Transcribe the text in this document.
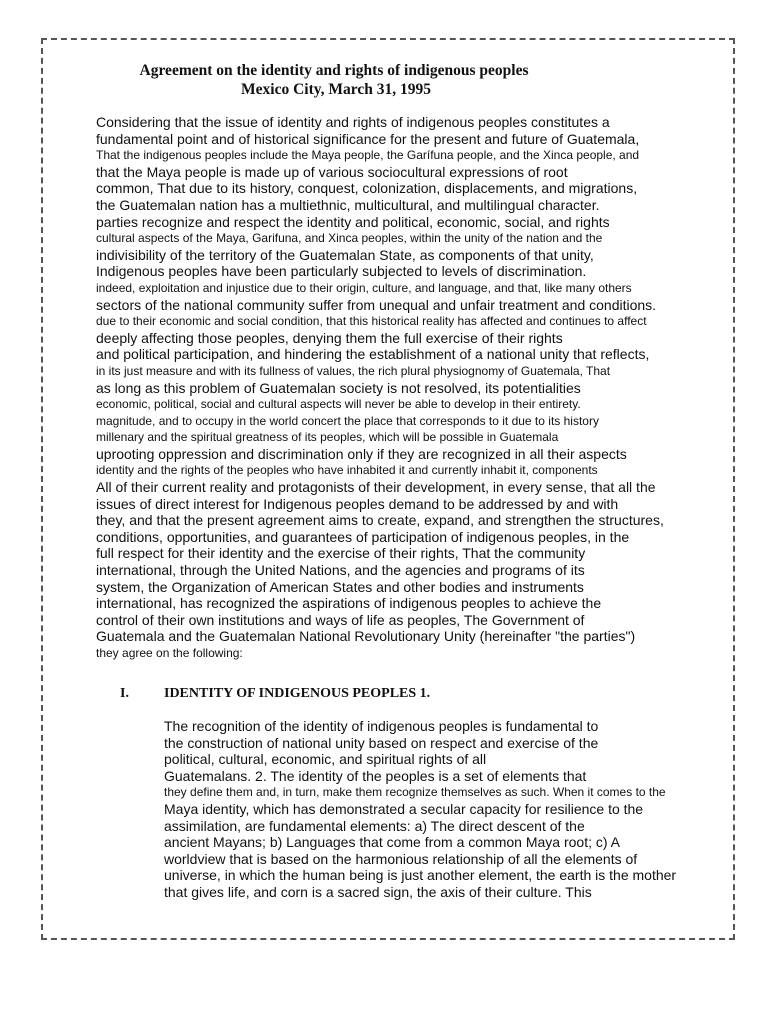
Agreement on the identity and rights of indigenous peoples
Mexico City, March 31, 1995
Considering that the issue of identity and rights of indigenous peoples constitutes a
fundamental point and of historical significance for the present and future of Guatemala,
That the indigenous peoples include the Maya people, the Garífuna people, and the Xinca people, and
that the Maya people is made up of various sociocultural expressions of root
common, That due to its history, conquest, colonization, displacements, and migrations,
the Guatemalan nation has a multiethnic, multicultural, and multilingual character.
parties recognize and respect the identity and political, economic, social, and rights
cultural aspects of the Maya, Garifuna, and Xinca peoples, within the unity of the nation and the
indivisibility of the territory of the Guatemalan State, as components of that unity,
Indigenous peoples have been particularly subjected to levels of discrimination.
indeed, exploitation and injustice due to their origin, culture, and language, and that, like many others
sectors of the national community suffer from unequal and unfair treatment and conditions.
due to their economic and social condition, that this historical reality has affected and continues to affect
deeply affecting those peoples, denying them the full exercise of their rights
and political participation, and hindering the establishment of a national unity that reflects,
in its just measure and with its fullness of values, the rich plural physiognomy of Guatemala, That
as long as this problem of Guatemalan society is not resolved, its potentialities
economic, political, social and cultural aspects will never be able to develop in their entirety.
magnitude, and to occupy in the world concert the place that corresponds to it due to its history
millenary and the spiritual greatness of its peoples, which will be possible in Guatemala
uprooting oppression and discrimination only if they are recognized in all their aspects
identity and the rights of the peoples who have inhabited it and currently inhabit it, components
All of their current reality and protagonists of their development, in every sense, that all the
issues of direct interest for Indigenous peoples demand to be addressed by and with
they, and that the present agreement aims to create, expand, and strengthen the structures,
conditions, opportunities, and guarantees of participation of indigenous peoples, in the
full respect for their identity and the exercise of their rights, That the community
international, through the United Nations, and the agencies and programs of its
system, the Organization of American States and other bodies and instruments
international, has recognized the aspirations of indigenous peoples to achieve the
control of their own institutions and ways of life as peoples, The Government of
Guatemala and the Guatemalan National Revolutionary Unity (hereinafter "the parties")
they agree on the following:
I.	IDENTITY OF INDIGENOUS PEOPLES 1.
The recognition of the identity of indigenous peoples is fundamental to
the construction of national unity based on respect and exercise of the
political, cultural, economic, and spiritual rights of all
Guatemalans. 2. The identity of the peoples is a set of elements that
they define them and, in turn, make them recognize themselves as such. When it comes to the
Maya identity, which has demonstrated a secular capacity for resilience to the
assimilation, are fundamental elements: a) The direct descent of the
ancient Mayans; b) Languages that come from a common Maya root; c) A
worldview that is based on the harmonious relationship of all the elements of
universe, in which the human being is just another element, the earth is the mother
that gives life, and corn is a sacred sign, the axis of their culture. This
